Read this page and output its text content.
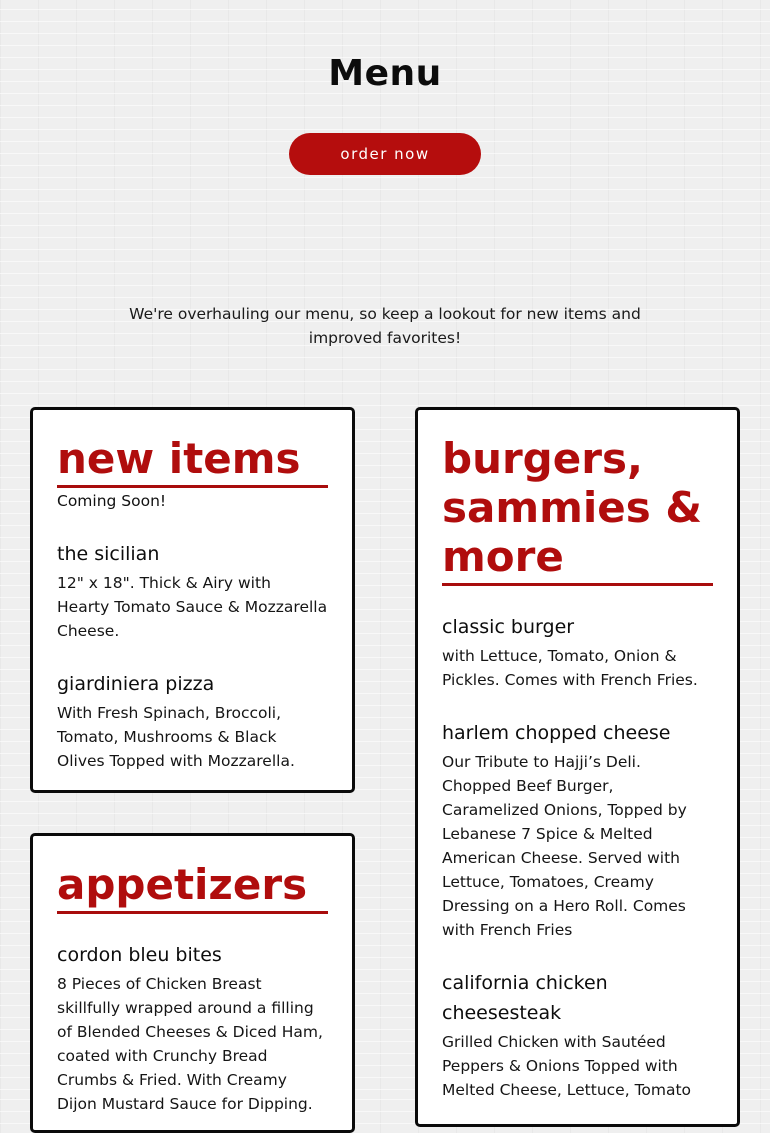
Menu
order now
We're overhauling our menu, so keep a lookout for new items and improved favorites!
new items
Coming Soon!
the sicilian
12" x 18". Thick & Airy with Hearty Tomato Sauce & Mozzarella Cheese.
giardiniera pizza
With Fresh Spinach, Broccoli, Tomato, Mushrooms & Black Olives Topped with Mozzarella.
appetizers
cordon bleu bites
8 Pieces of Chicken Breast skillfully wrapped around a filling of Blended Cheeses & Diced Ham, coated with Crunchy Bread Crumbs & Fried. With Creamy Dijon Mustard Sauce for Dipping.
burgers, sammies & more
classic burger
with Lettuce, Tomato, Onion & Pickles. Comes with French Fries.
harlem chopped cheese
Our Tribute to Hajji’s Deli. Chopped Beef Burger, Caramelized Onions, Topped by Lebanese 7 Spice & Melted American Cheese. Served with Lettuce, Tomatoes, Creamy Dressing on a Hero Roll. Comes with French Fries
california chicken cheesesteak
Grilled Chicken with Sautéed Peppers & Onions Topped with Melted Cheese, Lettuce, Tomato
